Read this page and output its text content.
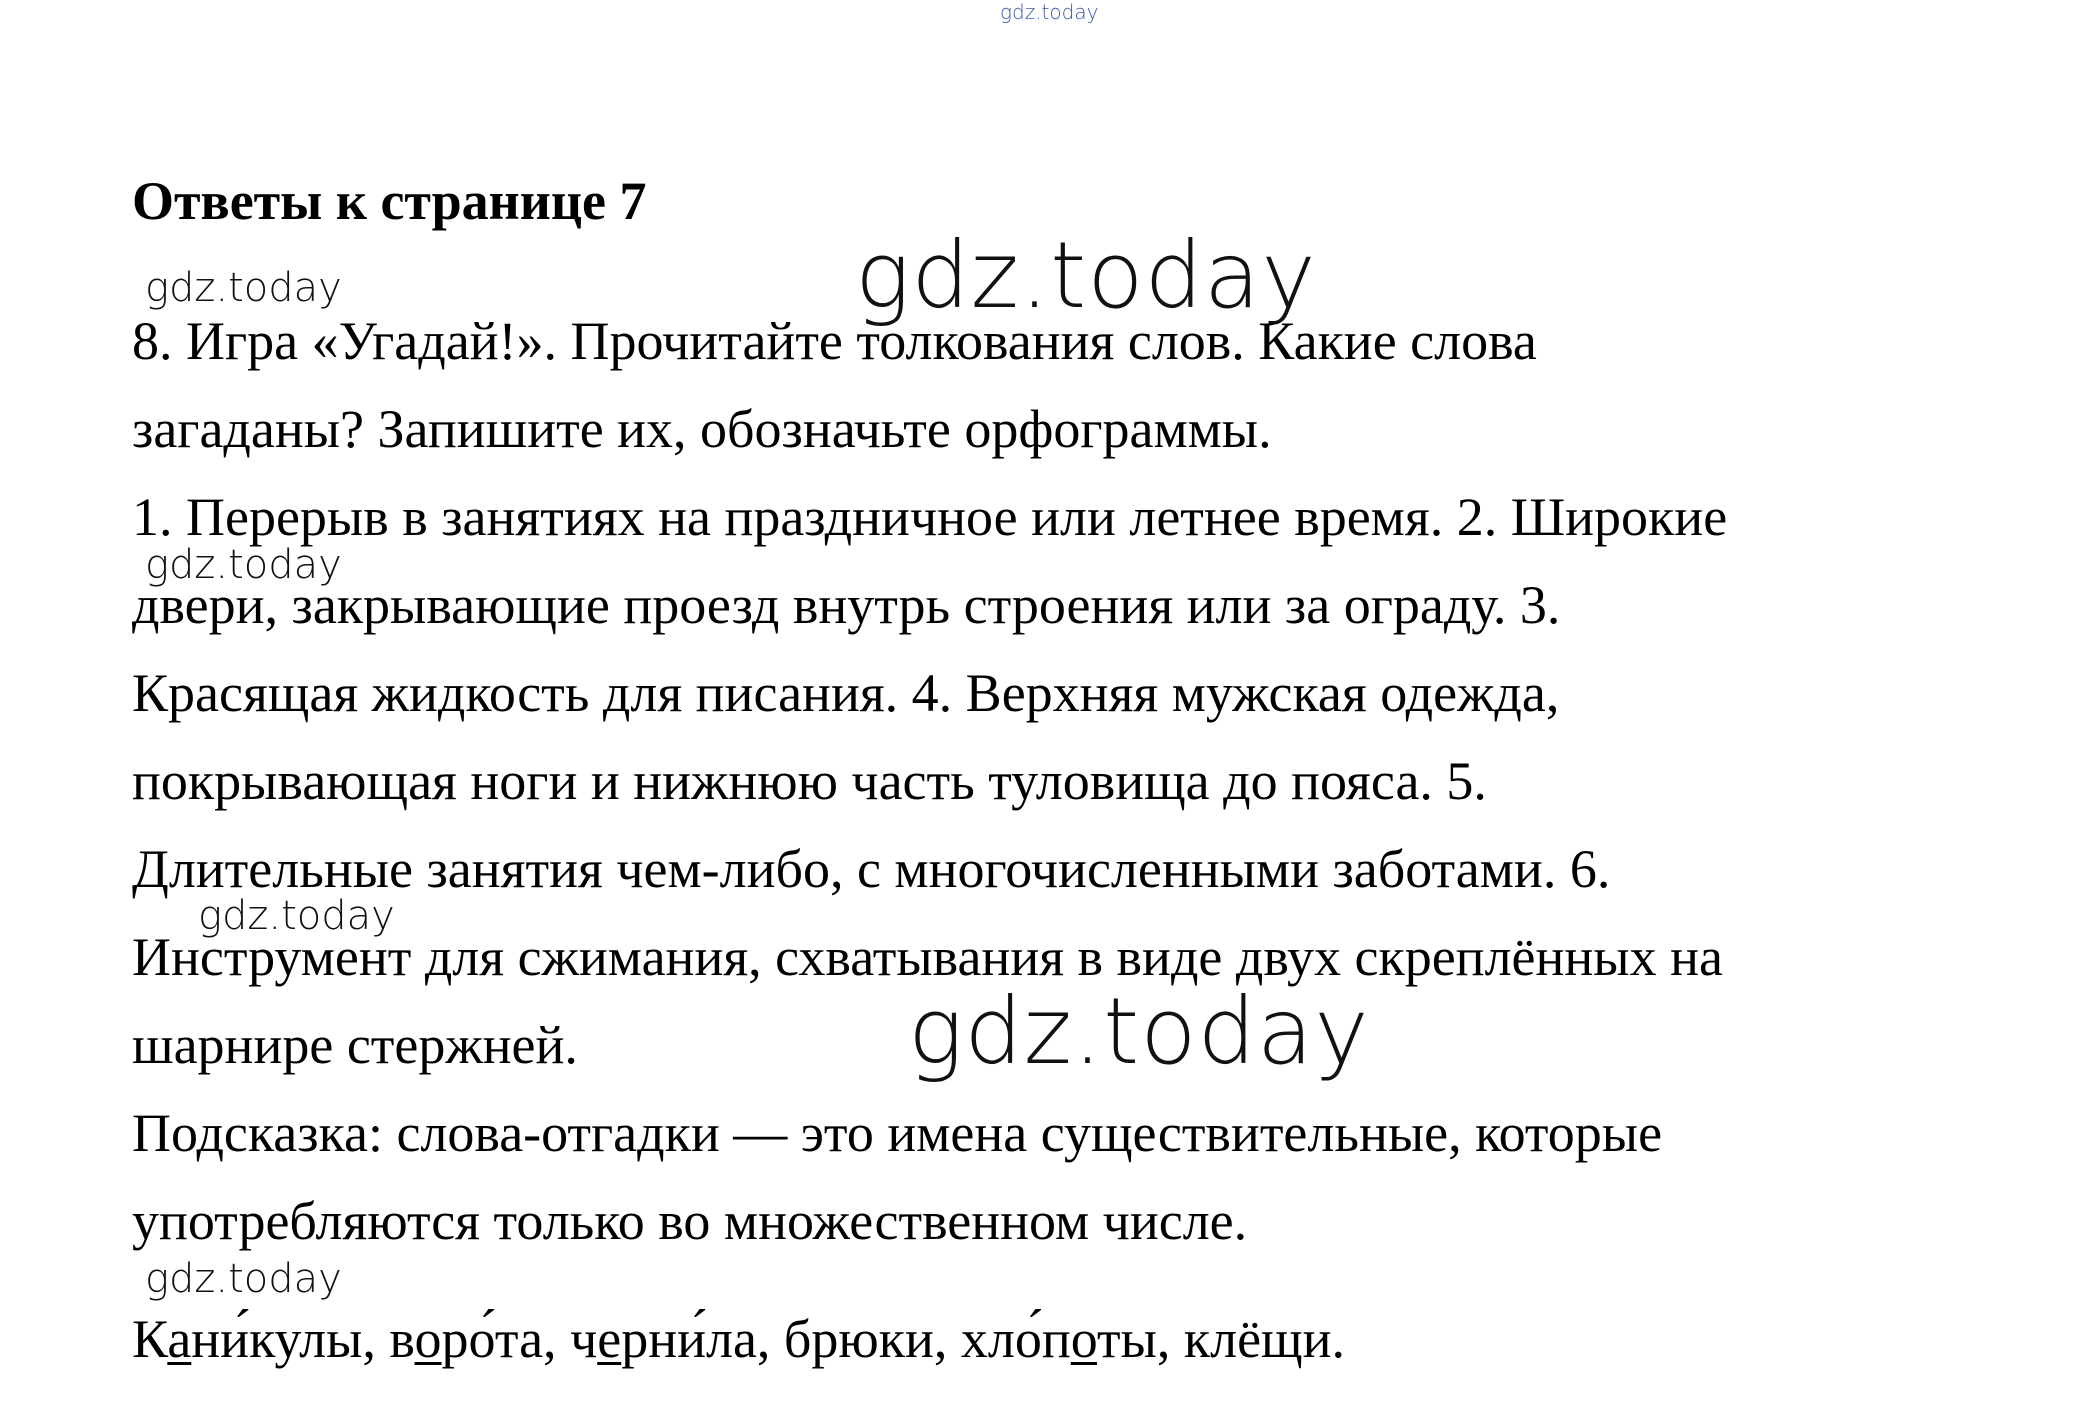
gdz.today
Ответы к странице 7
gdz.today
gdz.today
8. Игра «Угадай!». Прочитайте толкования слов. Какие слова
загаданы? Запишите их, обозначьте орфограммы.
1. Перерыв в занятиях на праздничное или летнее время. 2. Широкие
gdz.today
двери, закрывающие проезд внутрь строения или за ограду. 3.
Красящая жидкость для писания. 4. Верхняя мужская одежда,
покрывающая ноги и нижнюю часть туловища до пояса. 5.
Длительные занятия чем-либо, с многочисленными заботами. 6.
gdz.today
Инструмент для сжимания, схватывания в виде двух скреплённых на
шарнире стержней.	gdz.today
Подсказка: слова-отгадки — это имена существительные, которые
употребляются только во множественном числе.
gdz.today
Кани́кулы, воро́та, черни́ла, брюки, хло́поты, клёщи.
